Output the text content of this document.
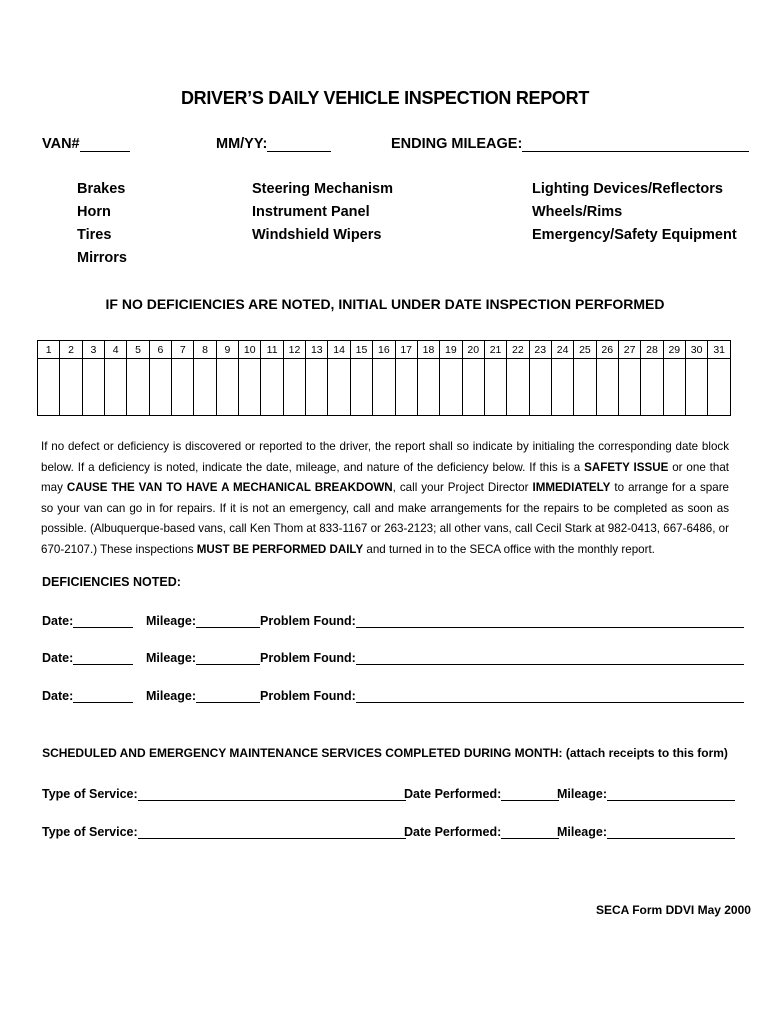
DRIVER’S DAILY VEHICLE INSPECTION REPORT
VAN#	MM/YY:	ENDING MILEAGE:
Brakes
Horn
Tires
Mirrors
Steering Mechanism
Instrument Panel
Windshield Wipers
Lighting Devices/Reflectors
Wheels/Rims
Emergency/Safety Equipment
IF NO DEFICIENCIES ARE NOTED, INITIAL UNDER DATE INSPECTION PERFORMED
1	2	3	4	5	6	7	8	9	10	11	12	13	14	15	16	17	18	19	20	21	22	23	24	25	26	27	28	29	30	31

If no defect or deficiency is discovered or reported to the driver, the report shall so indicate by initialing the corresponding date block below. If a deficiency is noted, indicate the date, mileage, and nature of the deficiency below. If this is a SAFETY ISSUE or one that may CAUSE THE VAN TO HAVE A MECHANICAL BREAKDOWN, call your Project Director IMMEDIATELY to arrange for a spare so your van can go in for repairs. If it is not an emergency, call and make arrangements for the repairs to be completed as soon as possible. (Albuquerque-based vans, call Ken Thom at 833-1167 or 263-2123; all other vans, call Cecil Stark at 982-0413, 667-6486, or 670-2107.) These inspections MUST BE PERFORMED DAILY and turned in to the SECA office with the monthly report.
DEFICIENCIES NOTED:
Date:	Mileage:	Problem Found:
Date:	Mileage:	Problem Found:
Date:	Mileage:	Problem Found:
SCHEDULED AND EMERGENCY MAINTENANCE SERVICES COMPLETED DURING MONTH: (attach receipts to this form)
Type of Service:	Date Performed:	Mileage:
Type of Service:	Date Performed:	Mileage:
SECA Form DDVI May 2000
